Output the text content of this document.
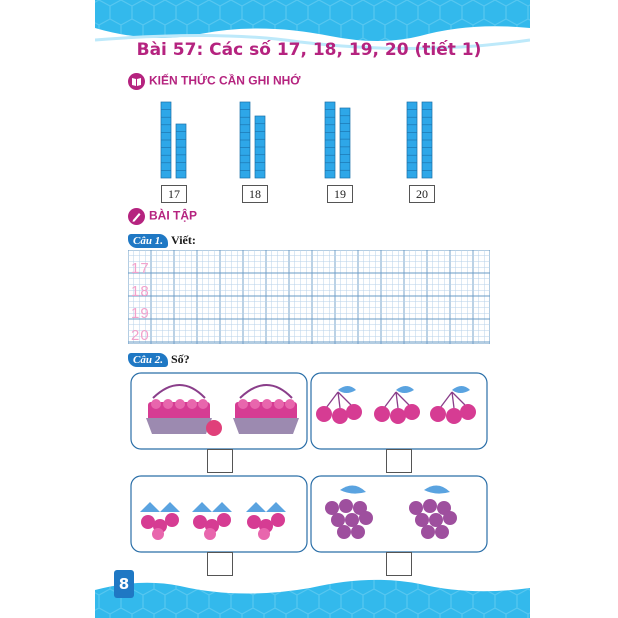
Bài 57: Các số 17, 18, 19, 20 (tiết 1)
KIẾN THỨC CẦN GHI NHỚ
17	18	19	20
BÀI TẬP
Câu 1. Viết:
17
18
19
20
Câu 2. Số?
8
